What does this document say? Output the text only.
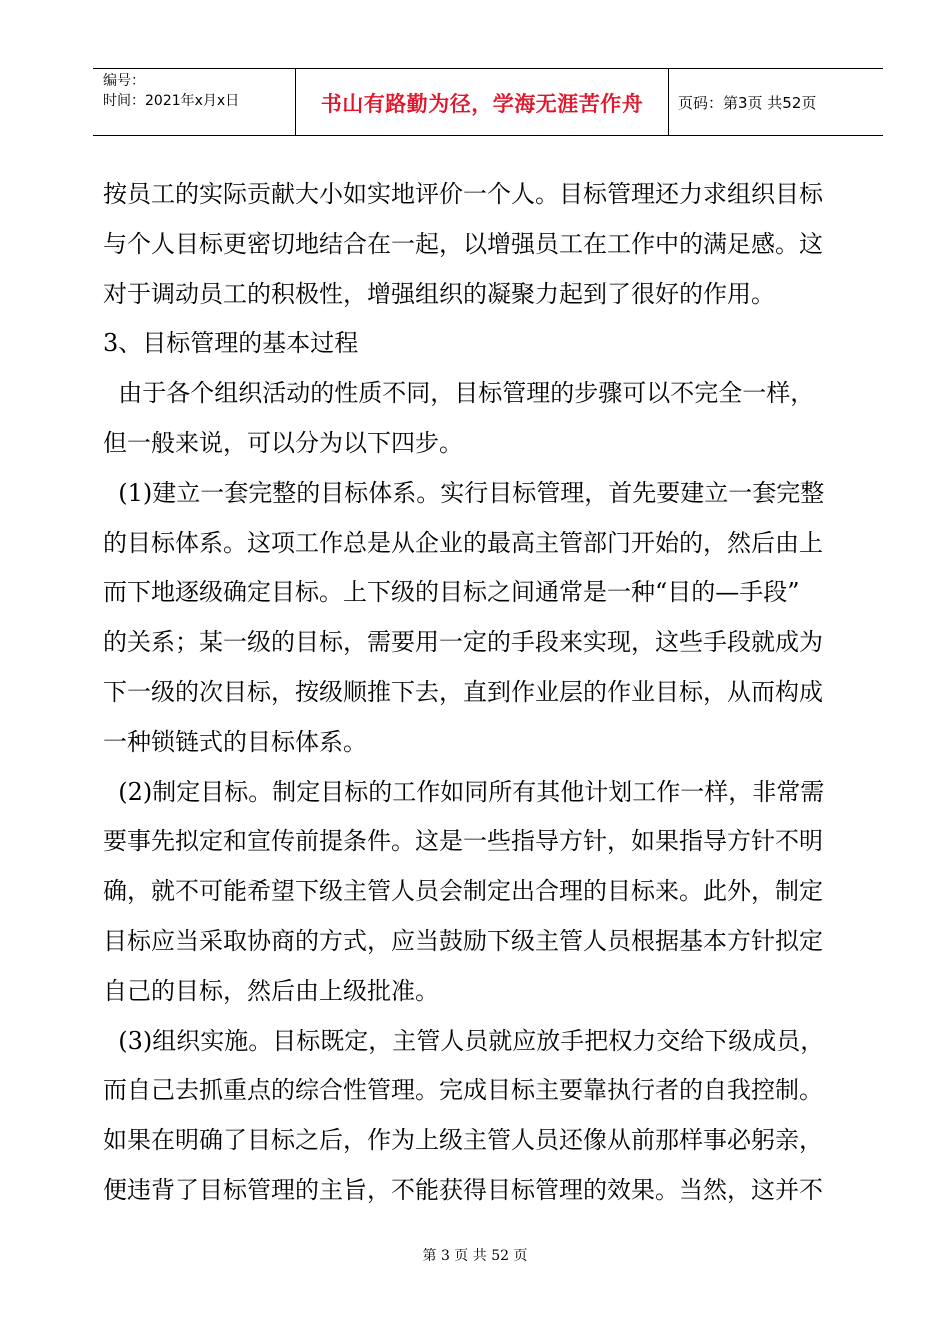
编号：
时间：2021年x月x日	书山有路勤为径，学海无涯苦作舟	页码：第3页 共52页

按员工的实际贡献大小如实地评价一个人。目标管理还力求组织目标

与个人目标更密切地结合在一起，以增强员工在工作中的满足感。这

对于调动员工的积极性，增强组织的凝聚力起到了很好的作用。

3、目标管理的基本过程

由于各个组织活动的性质不同，目标管理的步骤可以不完全一样，

但一般来说，可以分为以下四步。

(1)建立一套完整的目标体系。实行目标管理，首先要建立一套完整

的目标体系。这项工作总是从企业的最高主管部门开始的，然后由上

而下地逐级确定目标。上下级的目标之间通常是一种“目的—手段”

的关系；某一级的目标，需要用一定的手段来实现，这些手段就成为

下一级的次目标，按级顺推下去，直到作业层的作业目标，从而构成

一种锁链式的目标体系。

(2)制定目标。制定目标的工作如同所有其他计划工作一样，非常需

要事先拟定和宣传前提条件。这是一些指导方针，如果指导方针不明

确，就不可能希望下级主管人员会制定出合理的目标来。此外，制定

目标应当采取协商的方式，应当鼓励下级主管人员根据基本方针拟定

自己的目标，然后由上级批准。

(3)组织实施。目标既定，主管人员就应放手把权力交给下级成员，

而自己去抓重点的综合性管理。完成目标主要靠执行者的自我控制。

如果在明确了目标之后，作为上级主管人员还像从前那样事必躬亲，

便违背了目标管理的主旨，不能获得目标管理的效果。当然，这并不

第 3 页 共 52 页
